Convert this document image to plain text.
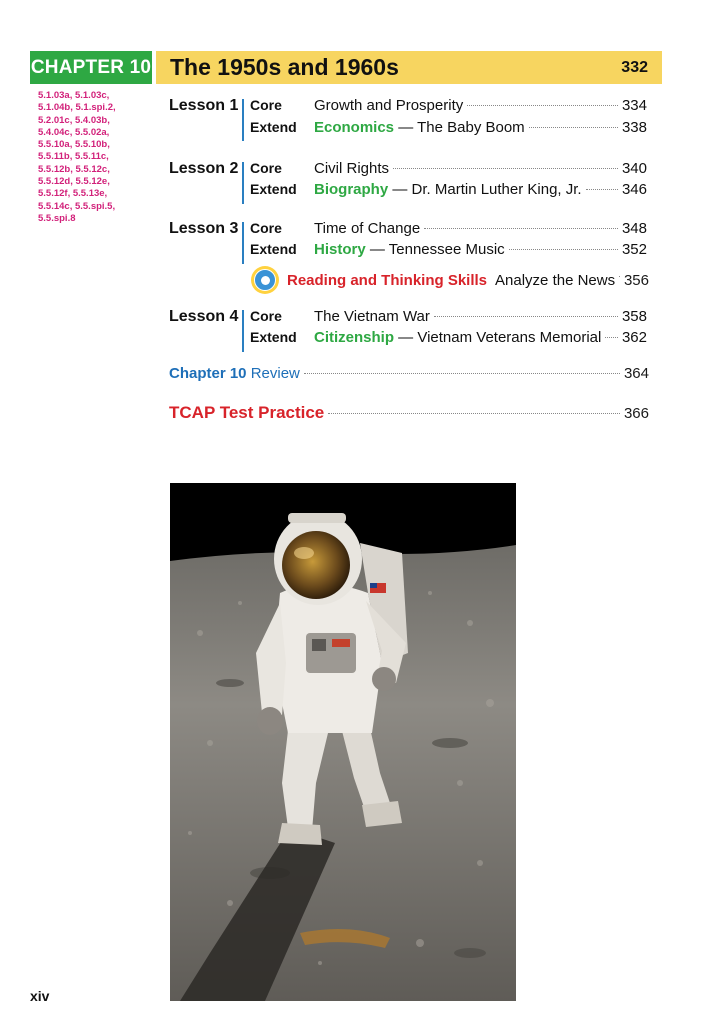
CHAPTER 10 The 1950s and 1960s	332
5.1.03a, 5.1.03c,
5.1.04b, 5.1.spi.2,
5.2.01c, 5.4.03b,
5.4.04c, 5.5.02a,
5.5.10a, 5.5.10b,
5.5.11b, 5.5.11c,
5.5.12b, 5.5.12c,
5.5.12d, 5.5.12e,
5.5.12f, 5.5.13e,
5.5.14c, 5.5.spi.5,
5.5.spi.8
Lesson 1 Core	Growth and Prosperity	334
Extend	Economics — The Baby Boom	338
Lesson 2 Core	Civil Rights	340
Extend	Biography — Dr. Martin Luther King, Jr.	346
Lesson 3 Core	Time of Change	348
Extend	History — Tennessee Music	352
Reading and Thinking Skills Analyze the News 356
Lesson 4 Core	The Vietnam War	358
Extend	Citizenship — Vietnam Veterans Memorial 362
Chapter 10 Review	364
TCAP Test Practice	366
xiv
